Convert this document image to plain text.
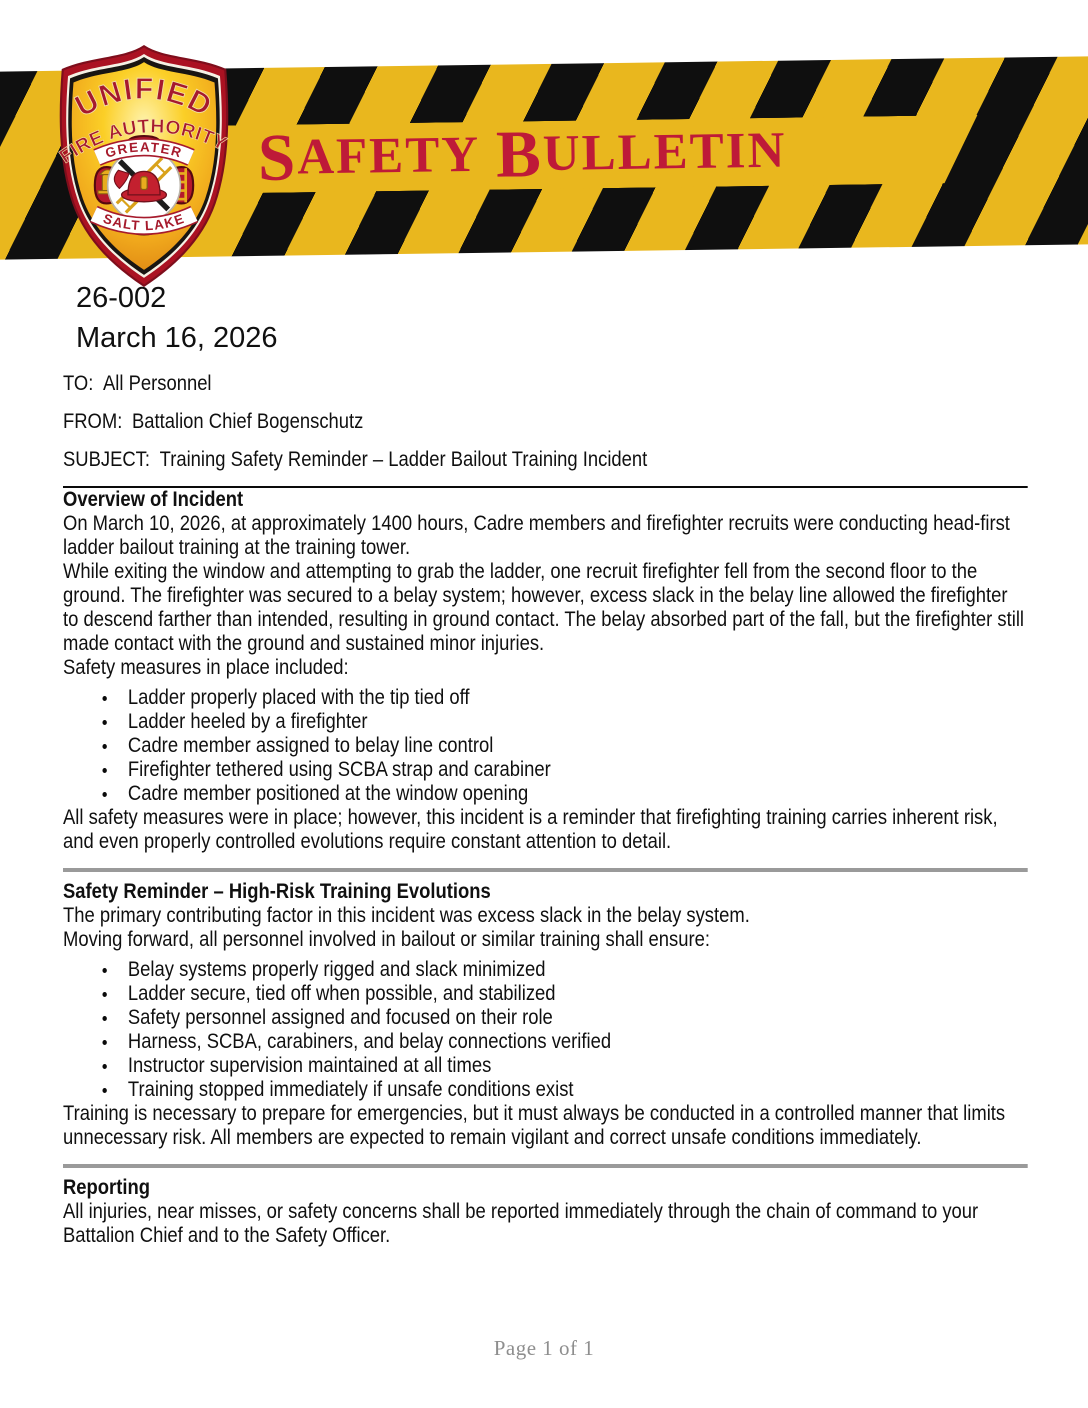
S AFETY B ULLETIN
GREATER
SALT LAKE
UNIFIED
FIRE AUTHORITY
26-002
March 16, 2026
TO: All Personnel
FROM: Battalion Chief Bogenschutz
SUBJECT: Training Safety Reminder – Ladder Bailout Training Incident

Overview of Incident

On March 10, 2026, at approximately 1400 hours, Cadre members and firefighter recruits were conducting head-first ladder bailout training at the training tower.

While exiting the window and attempting to grab the ladder, one recruit firefighter fell from the second floor to the ground. The firefighter was secured to a belay system; however, excess slack in the belay line allowed the firefighter to descend farther than intended, resulting in ground contact. The belay absorbed part of the fall, but the firefighter still made contact with the ground and sustained minor injuries.

Safety measures in place included:

Ladder properly placed with the tip tied off
Ladder heeled by a firefighter
Cadre member assigned to belay line control
Firefighter tethered using SCBA strap and carabiner
Cadre member positioned at the window opening

All safety measures were in place; however, this incident is a reminder that firefighting training carries inherent risk, and even properly controlled evolutions require constant attention to detail.

Safety Reminder – High-Risk Training Evolutions

The primary contributing factor in this incident was excess slack in the belay system.

Moving forward, all personnel involved in bailout or similar training shall ensure:

Belay systems properly rigged and slack minimized
Ladder secure, tied off when possible, and stabilized
Safety personnel assigned and focused on their role
Harness, SCBA, carabiners, and belay connections verified
Instructor supervision maintained at all times
Training stopped immediately if unsafe conditions exist

Training is necessary to prepare for emergencies, but it must always be conducted in a controlled manner that limits unnecessary risk. All members are expected to remain vigilant and correct unsafe conditions immediately.

Reporting

All injuries, near misses, or safety concerns shall be reported immediately through the chain of command to your Battalion Chief and to the Safety Officer.

Page 1 of 1
